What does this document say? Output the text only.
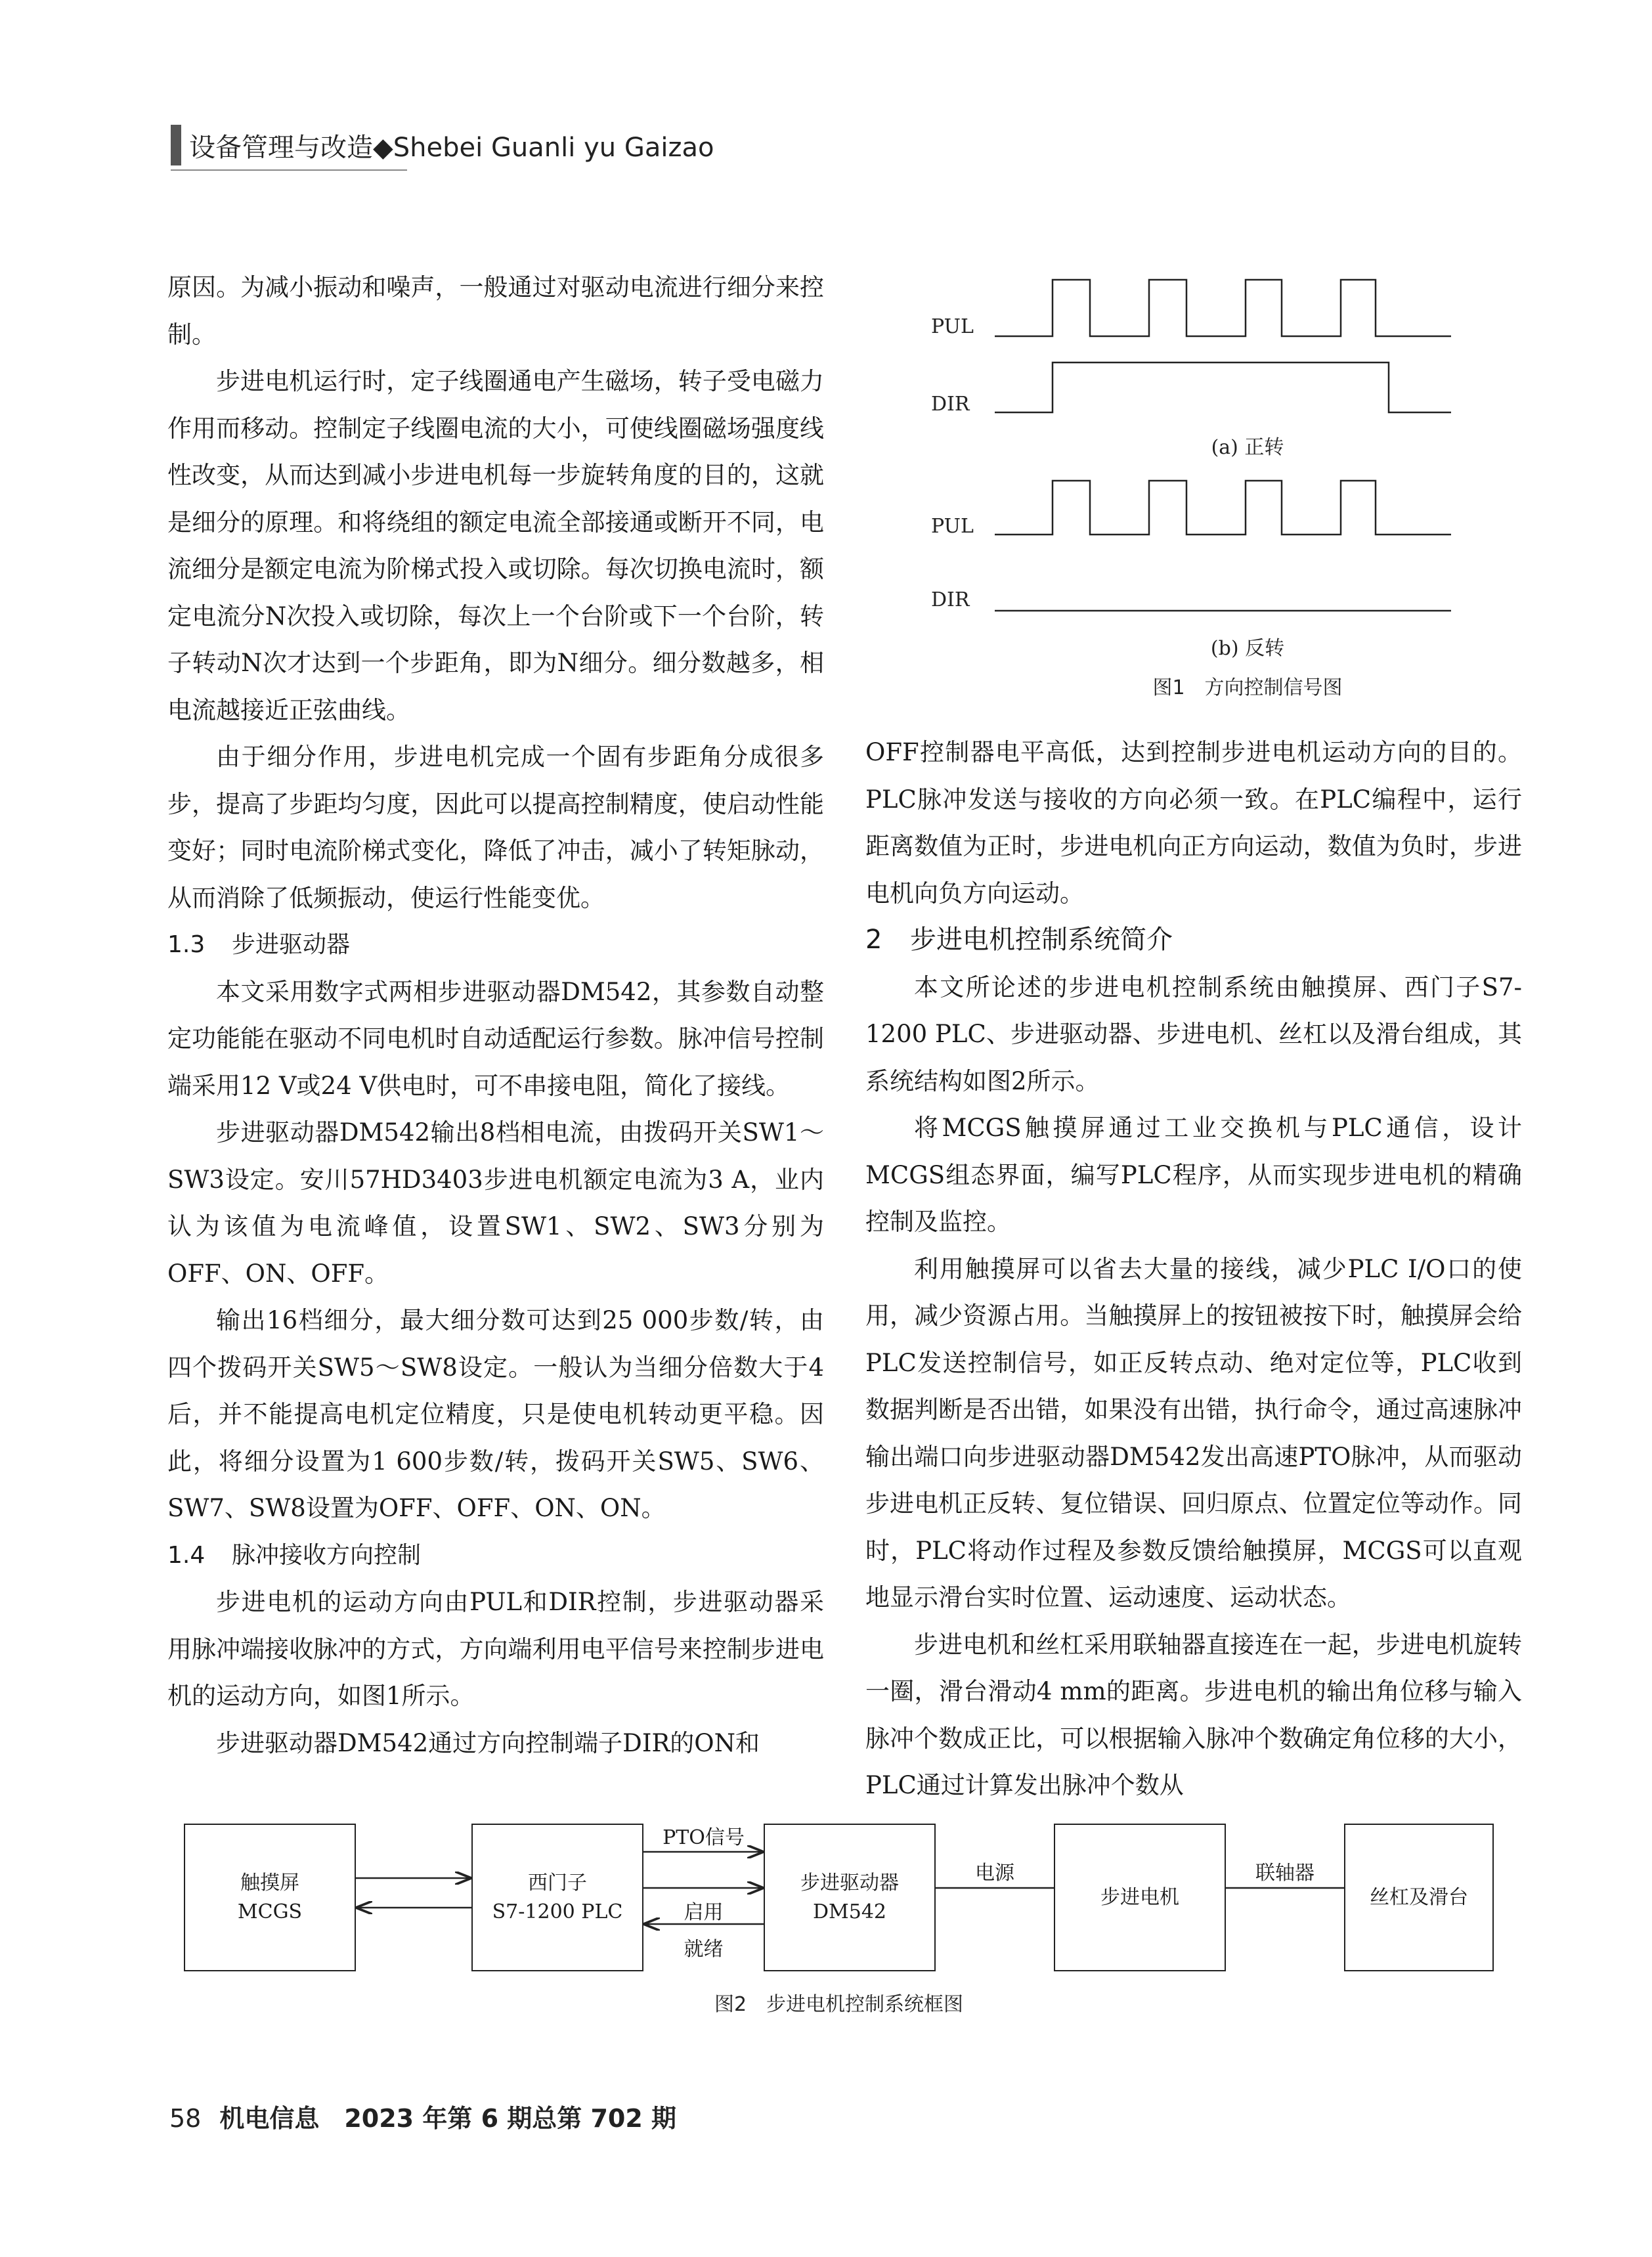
设备管理与改造◆Shebei Guanli yu Gaizao

原因。为减小振动和噪声，一般通过对驱动电流进行细分来控制。

步进电机运行时，定子线圈通电产生磁场，转子受电磁力作用而移动。控制定子线圈电流的大小，可使线圈磁场强度线性改变，从而达到减小步进电机每一步旋转角度的目的，这就是细分的原理。和将绕组的额定电流全部接通或断开不同，电流细分是额定电流为阶梯式投入或切除。每次切换电流时，额定电流分N次投入或切除，每次上一个台阶或下一个台阶，转子转动N次才达到一个步距角，即为N细分。细分数越多，相电流越接近正弦曲线。

由于细分作用，步进电机完成一个固有步距角分成很多步，提高了步距均匀度，因此可以提高控制精度，使启动性能变好；同时电流阶梯式变化，降低了冲击，减小了转矩脉动，从而消除了低频振动，使运行性能变优。

1.3 步进驱动器

本文采用数字式两相步进驱动器DM542，其参数自动整定功能能在驱动不同电机时自动适配运行参数。脉冲信号控制端采用12 V或24 V供电时，可不串接电阻，简化了接线。

步进驱动器DM542输出8档相电流，由拨码开关SW1～SW3设定。安川57HD3403步进电机额定电流为3 A，业内认为该值为电流峰值，设置SW1、SW2、SW3分别为OFF、ON、OFF。

输出16档细分，最大细分数可达到25 000步数/转，由四个拨码开关SW5～SW8设定。一般认为当细分倍数大于4后，并不能提高电机定位精度，只是使电机转动更平稳。因此，将细分设置为1 600步数/转，拨码开关SW5、SW6、SW7、SW8设置为OFF、OFF、ON、ON。

1.4 脉冲接收方向控制

步进电机的运动方向由PUL和DIR控制，步进驱动器采用脉冲端接收脉冲的方式，方向端利用电平信号来控制步进电机的运动方向，如图1所示。

步进驱动器DM542通过方向控制端子DIR的ON和

PUL
DIR
(a) 正转
PUL
DIR
(b) 反转
图1　方向控制信号图

OFF控制器电平高低，达到控制步进电机运动方向的目的。PLC脉冲发送与接收的方向必须一致。在PLC编程中，运行距离数值为正时，步进电机向正方向运动，数值为负时，步进电机向负方向运动。

2 步进电机控制系统简介

本文所论述的步进电机控制系统由触摸屏、西门子S7-1200 PLC、步进驱动器、步进电机、丝杠以及滑台组成，其系统结构如图2所示。

将MCGS触摸屏通过工业交换机与PLC通信，设计MCGS组态界面，编写PLC程序，从而实现步进电机的精确控制及监控。

利用触摸屏可以省去大量的接线，减少PLC I/O口的使用，减少资源占用。当触摸屏上的按钮被按下时，触摸屏会给PLC发送控制信号，如正反转点动、绝对定位等，PLC收到数据判断是否出错，如果没有出错，执行命令，通过高速脉冲输出端口向步进驱动器DM542发出高速PTO脉冲，从而驱动步进电机正反转、复位错误、回归原点、位置定位等动作。同时，PLC将动作过程及参数反馈给触摸屏，MCGS可以直观地显示滑台实时位置、运动速度、运动状态。

步进电机和丝杠采用联轴器直接连在一起，步进电机旋转一圈，滑台滑动4 mm的距离。步进电机的输出角位移与输入脉冲个数成正比，可以根据输入脉冲个数确定角位移的大小，PLC通过计算发出脉冲个数从

触摸屏
MCGS
西门子
S7-1200 PLC
步进驱动器
DM542
步进电机	丝杠及滑台
PTO信号
启用
就绪
电源	联轴器
图2　步进电机控制系统框图
58 机电信息　2023 年第 6 期总第 702 期
